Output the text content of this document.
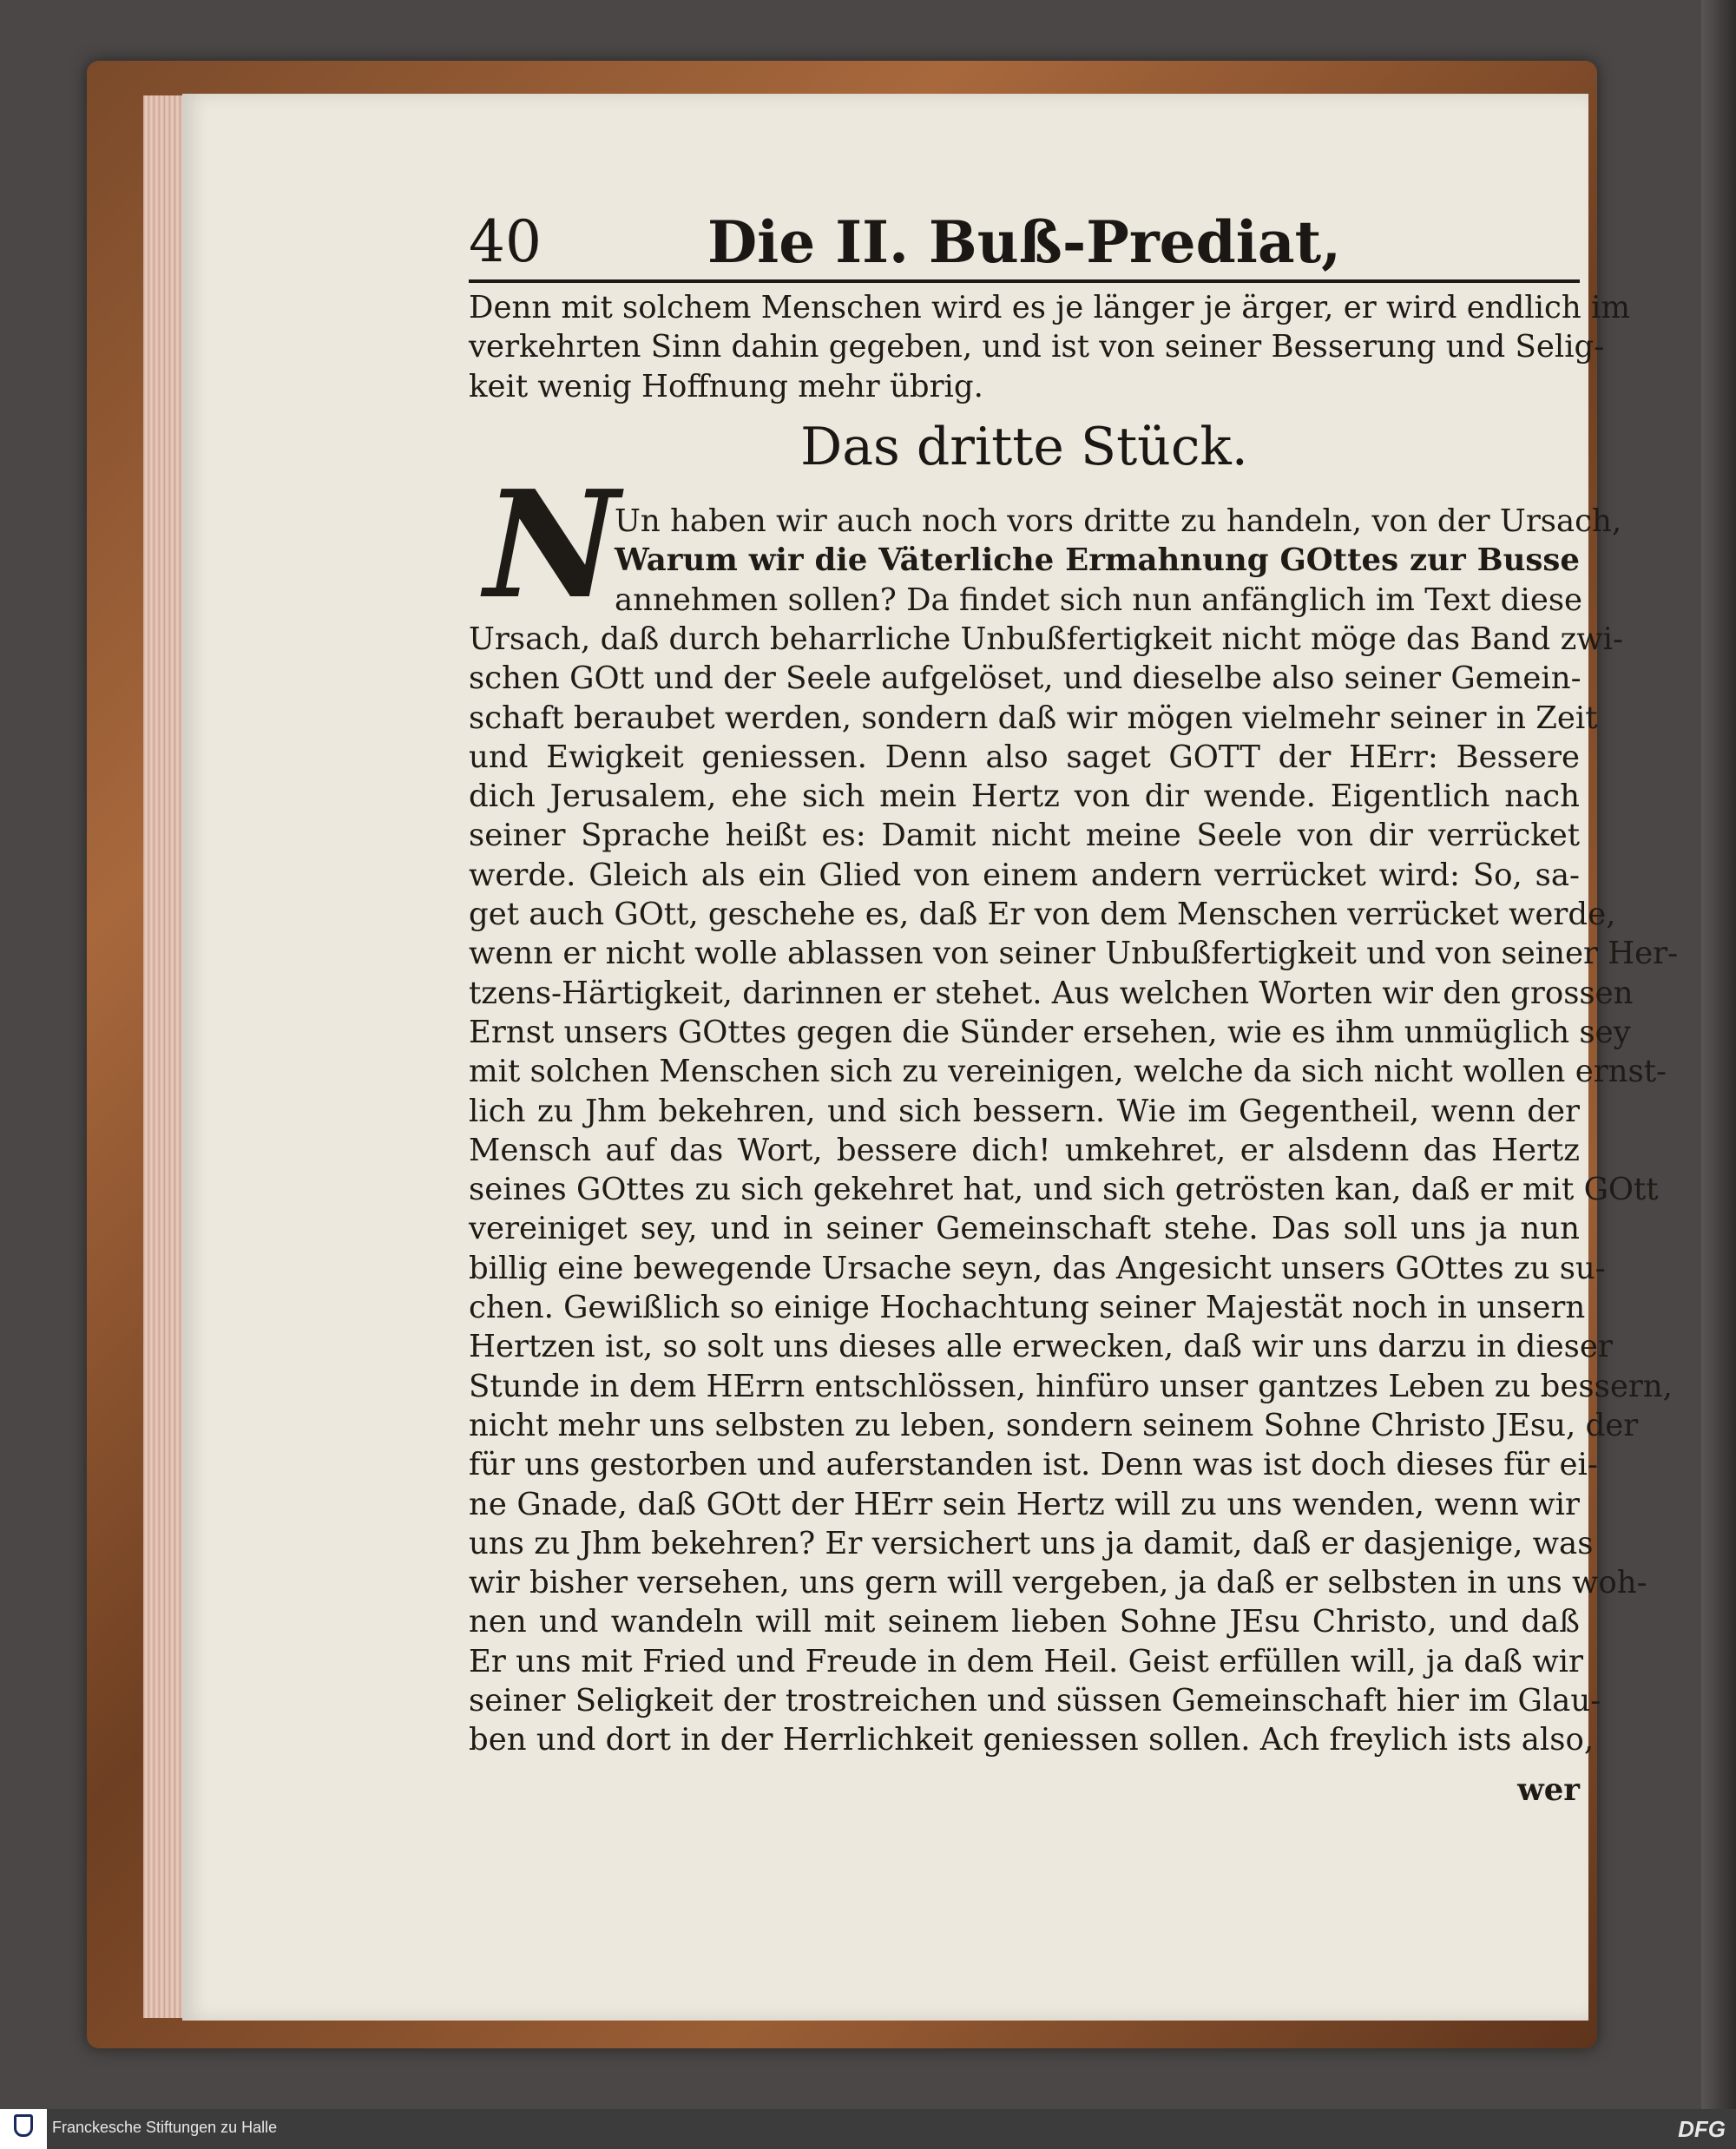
40	Die II. Buß-Prediat,
Denn mit solchem Menschen wird es je länger je ärger, er wird endlich im
verkehrten Sinn dahin gegeben, und ist von seiner Besserung und Selig-
keit wenig Hoffnung mehr übrig.
Das dritte Stück.
N
Un haben wir auch noch vors dritte zu handeln, von der Ursach,
Warum wir die Väterliche Ermahnung GOttes zur Busse
annehmen sollen? Da findet sich nun anfänglich im Text diese
Ursach, daß durch beharrliche Unbußfertigkeit nicht möge das Band zwi-
schen GOtt und der Seele aufgelöset, und dieselbe also seiner Gemein-
schaft beraubet werden, sondern daß wir mögen vielmehr seiner in Zeit
und Ewigkeit geniessen. Denn also saget GOTT der HErr: Bessere
dich Jerusalem, ehe sich mein Hertz von dir wende. Eigentlich nach
seiner Sprache heißt es: Damit nicht meine Seele von dir verrücket
werde. Gleich als ein Glied von einem andern verrücket wird: So, sa-
get auch GOtt, geschehe es, daß Er von dem Menschen verrücket werde,
wenn er nicht wolle ablassen von seiner Unbußfertigkeit und von seiner Her-
tzens-Härtigkeit, darinnen er stehet. Aus welchen Worten wir den grossen
Ernst unsers GOttes gegen die Sünder ersehen, wie es ihm unmüglich sey
mit solchen Menschen sich zu vereinigen, welche da sich nicht wollen ernst-
lich zu Jhm bekehren, und sich bessern. Wie im Gegentheil, wenn der
Mensch auf das Wort, bessere dich! umkehret, er alsdenn das Hertz
seines GOttes zu sich gekehret hat, und sich getrösten kan, daß er mit GOtt
vereiniget sey, und in seiner Gemeinschaft stehe. Das soll uns ja nun
billig eine bewegende Ursache seyn, das Angesicht unsers GOttes zu su-
chen. Gewißlich so einige Hochachtung seiner Majestät noch in unsern
Hertzen ist, so solt uns dieses alle erwecken, daß wir uns darzu in dieser
Stunde in dem HErrn entschlössen, hinfüro unser gantzes Leben zu bessern,
nicht mehr uns selbsten zu leben, sondern seinem Sohne Christo JEsu, der
für uns gestorben und auferstanden ist. Denn was ist doch dieses für ei-
ne Gnade, daß GOtt der HErr sein Hertz will zu uns wenden, wenn wir
uns zu Jhm bekehren? Er versichert uns ja damit, daß er dasjenige, was
wir bisher versehen, uns gern will vergeben, ja daß er selbsten in uns woh-
nen und wandeln will mit seinem lieben Sohne JEsu Christo, und daß
Er uns mit Fried und Freude in dem Heil. Geist erfüllen will, ja daß wir
seiner Seligkeit der trostreichen und süssen Gemeinschaft hier im Glau-
ben und dort in der Herrlichkeit geniessen sollen. Ach freylich ists also,
wer
Franckesche Stiftungen zu Halle	DFG
